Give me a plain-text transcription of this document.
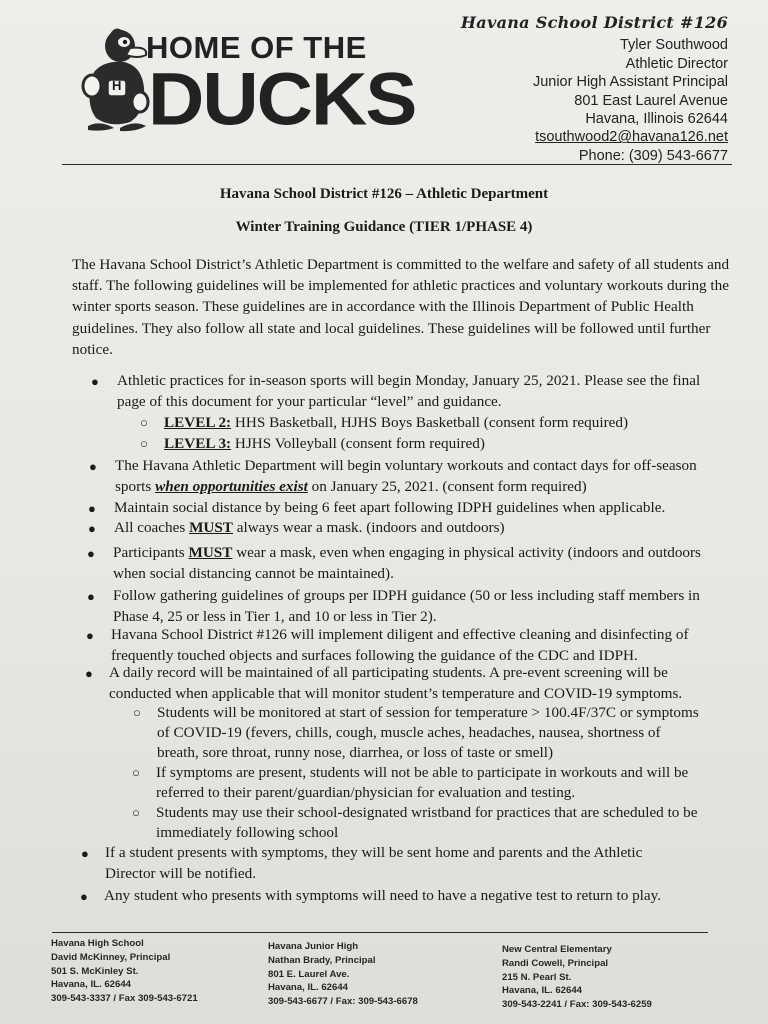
H
HOME OF THE
DUCKS
Havana School District #126
Tyler Southwood
Athletic Director
Junior High Assistant Principal
801 East Laurel Avenue
Havana, Illinois 62644
tsouthwood2@havana126.net
Phone: (309) 543-6677
Havana School District #126 – Athletic Department
Winter Training Guidance (TIER 1/PHASE 4)

The Havana School District’s Athletic Department is committed to the welfare and safety of all students and staff. The following guidelines will be implemented for athletic practices and voluntary workouts during the winter sports season. These guidelines are in accordance with the Illinois Department of Public Health guidelines. They also follow all state and local guidelines. These guidelines will be followed until further notice.

● Athletic practices for in-season sports will begin Monday, January 25, 2021. Please see the final
page of this document for your particular “level” and guidance.
○ LEVEL 2: HHS Basketball, HJHS Boys Basketball (consent form required)
○ LEVEL 3: HJHS Volleyball (consent form required)
● The Havana Athletic Department will begin voluntary workouts and contact days for off-season
sports when opportunities exist on January 25, 2021. (consent form required)
● Maintain social distance by being 6 feet apart following IDPH guidelines when applicable.
● All coaches MUST always wear a mask. (indoors and outdoors)
● Participants MUST wear a mask, even when engaging in physical activity (indoors and outdoors
when social distancing cannot be maintained).
● Follow gathering guidelines of groups per IDPH guidance (50 or less including staff members in
Phase 4, 25 or less in Tier 1, and 10 or less in Tier 2).
● Havana School District #126 will implement diligent and effective cleaning and disinfecting of
frequently touched objects and surfaces following the guidance of the CDC and IDPH.
● A daily record will be maintained of all participating students. A pre-event screening will be
conducted when applicable that will monitor student’s temperature and COVID-19 symptoms.
○ Students will be monitored at start of session for temperature > 100.4F/37C or symptoms
of COVID-19 (fevers, chills, cough, muscle aches, headaches, nausea, shortness of
breath, sore throat, runny nose, diarrhea, or loss of taste or smell)
○ If symptoms are present, students will not be able to participate in workouts and will be
referred to their parent/guardian/physician for evaluation and testing.
○ Students may use their school-designated wristband for practices that are scheduled to be
immediately following school
● If a student presents with symptoms, they will be sent home and parents and the Athletic
Director will be notified.
● Any student who presents with symptoms will need to have a negative test to return to play.
Havana High School
David McKinney, Principal
501 S. McKinley St.
Havana, IL. 62644
309-543-3337 / Fax 309-543-6721
Havana Junior High
Nathan Brady, Principal
801 E. Laurel Ave.
Havana, IL. 62644
309-543-6677 / Fax: 309-543-6678
New Central Elementary
Randi Cowell, Principal
215 N. Pearl St.
Havana, IL. 62644
309-543-2241 / Fax: 309-543-6259
